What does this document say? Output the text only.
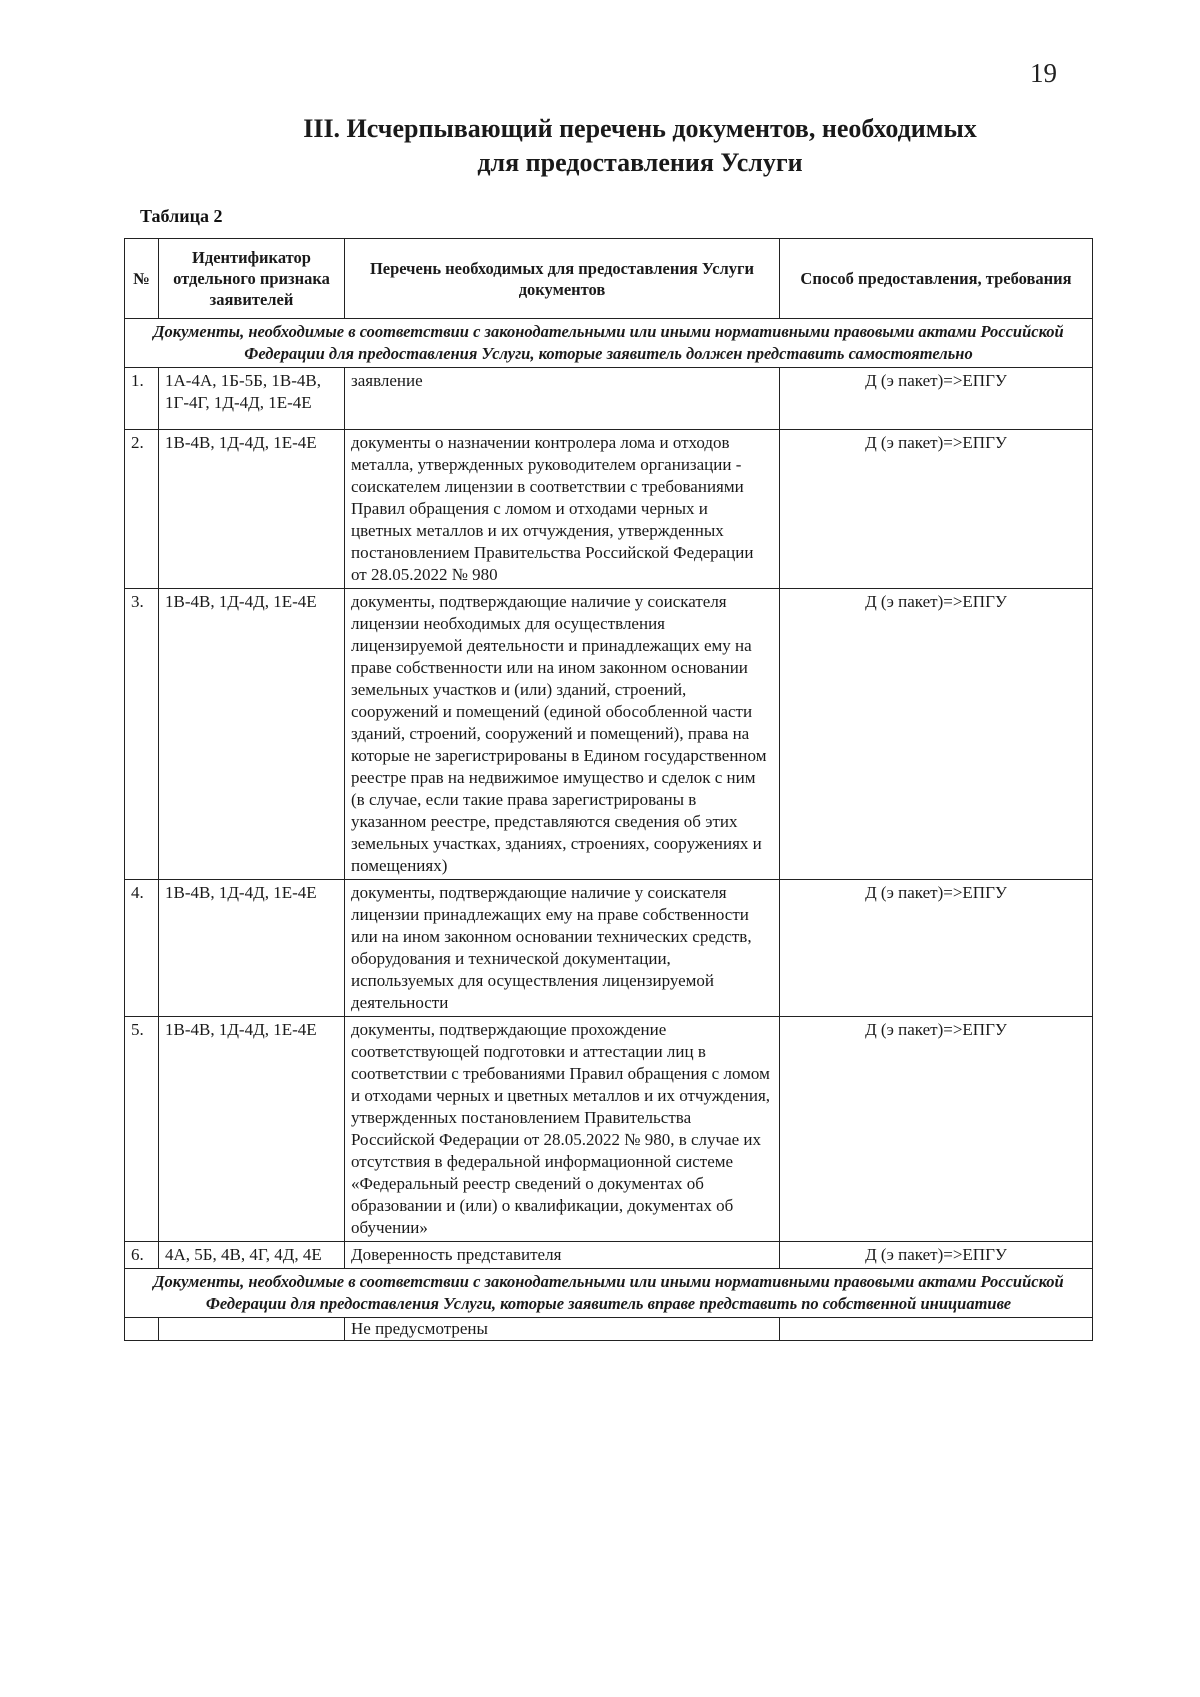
19
III. Исчерпывающий перечень документов, необходимых
для предоставления Услуги
Таблица 2
№	Идентификатор отдельного признака заявителей	Перечень необходимых для предоставления Услуги документов	Способ предоставления, требования
Документы, необходимые в соответствии с законодательными или иными нормативными правовыми актами Российской Федерации для предоставления Услуги, которые заявитель должен представить самостоятельно			
1.	1А-4А, 1Б-5Б, 1В-4В, 1Г-4Г, 1Д-4Д, 1Е-4Е	заявление	Д (э пакет)=>ЕПГУ
2.	1В-4В, 1Д-4Д, 1Е-4Е	документы о назначении контролера лома и отходов металла, утвержденных руководителем организации - соискателем лицензии в соответствии с требованиями Правил обращения с ломом и отходами черных и цветных металлов и их отчуждения, утвержденных постановлением Правительства Российской Федерации от 28.05.2022 № 980	Д (э пакет)=>ЕПГУ
3.	1В-4В, 1Д-4Д, 1Е-4Е	документы, подтверждающие наличие у соискателя лицензии необходимых для осуществления лицензируемой деятельности и принадлежащих ему на праве собственности или на ином законном основании земельных участков и (или) зданий, строений, сооружений и помещений (единой обособленной части зданий, строений, сооружений и помещений), права на которые не зарегистрированы в Едином государственном реестре прав на недвижимое имущество и сделок с ним (в случае, если такие права зарегистрированы в указанном реестре, представляются сведения об этих земельных участках, зданиях, строениях, сооружениях и помещениях)	Д (э пакет)=>ЕПГУ
4.	1В-4В, 1Д-4Д, 1Е-4Е	документы, подтверждающие наличие у соискателя лицензии принадлежащих ему на праве собственности или на ином законном основании технических средств, оборудования и технической документации, используемых для осуществления лицензируемой деятельности	Д (э пакет)=>ЕПГУ
5.	1В-4В, 1Д-4Д, 1Е-4Е	документы, подтверждающие прохождение соответствующей подготовки и аттестации лиц в соответствии с требованиями Правил обращения с ломом и отходами черных и цветных металлов и их отчуждения, утвержденных постановлением Правительства Российской Федерации от 28.05.2022 № 980, в случае их отсутствия в федеральной информационной системе «Федеральный реестр сведений о документах об образовании и (или) о квалификации, документах об обучении»	Д (э пакет)=>ЕПГУ
6.	4А, 5Б, 4В, 4Г, 4Д, 4Е	Доверенность представителя	Д (э пакет)=>ЕПГУ
Документы, необходимые в соответствии с законодательными или иными нормативными правовыми актами Российской Федерации для предоставления Услуги, которые заявитель вправе представить по собственной инициативе			
		Не предусмотрены	
